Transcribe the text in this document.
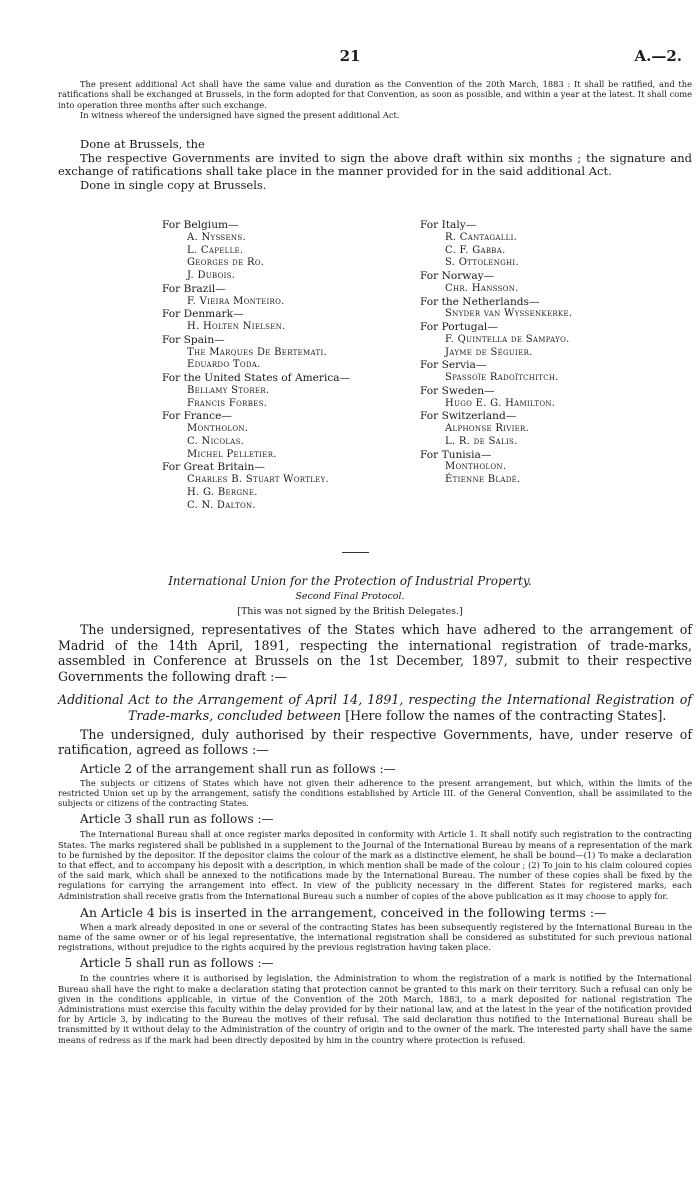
21	A.—2.

The present additional Act shall have the same value and duration as the Convention of the 20th March, 1883 : It shall be ratified, and the ratifications shall be exchanged at Brussels, in the form adopted for that Convention, as soon as possible, and within a year at the latest. It shall come into operation three months after such exchange.

In witness whereof the undersigned have signed the present additional Act.

Done at Brussels, the

The respective Governments are invited to sign the above draft within six months ; the signature and exchange of ratifications shall take place in the manner provided for in the said additional Act.

Done in single copy at Brussels.

For Belgium—
A. Nyssens.
L. Capelle.
Georges de Ro.
J. Dubois.
For Brazil—
F. Vieira Monteiro.
For Denmark—
H. Holten Nielsen.
For Spain—
The Marques De Bertemati.
Eduardo Toda.
For the United States of America—
Bellamy Storer.
Francis Forbes.
For France—
Montholon.
C. Nicolas.
Michel Pelletier.
For Great Britain—
Charles B. Stuart Wortley.
H. G. Bergne.
C. N. Dalton.
For Italy—
R. Cantagalli.
C. F. Gabba.
S. Ottolenghi.
For Norway—
Chr. Hansson.
For the Netherlands—
Snyder van Wyssenkerke.
For Portugal—
F. Quintella de Sampayo.
Jayme de Séguier.
For Servia—
Spassoïe Radoïtchitch.
For Sweden—
Hugo E. G. Hamilton.
For Switzerland—
Alphonse Rivier.
L. R. de Salis.
For Tunisia—
Montholon.
Étienne Bladé.
International Union for the Protection of Industrial Property.
Second Final Protocol.
[This was not signed by the British Delegates.]

The undersigned, representatives of the States which have adhered to the arrangement of Madrid of the 14th April, 1891, respecting the international registration of trade-marks, assembled in Conference at Brussels on the 1st December, 1897, submit to their respective Governments the following draft :—

Additional Act to the Arrangement of April 14, 1891, respecting the International Registration of Trade-marks, concluded between [Here follow the names of the contracting States].

The undersigned, duly authorised by their respective Governments, have, under reserve of ratification, agreed as follows :—

Article 2 of the arrangement shall run as follows :—

The subjects or citizens of States which have not given their adherence to the present arrangement, but which, within the limits of the restricted Union set up by the arrangement, satisfy the conditions established by Article III. of the General Convention, shall be assimilated to the subjects or citizens of the contracting States.

Article 3 shall run as follows :—

The International Bureau shall at once register marks deposited in conformity with Article 1. It shall notify such registration to the contracting States. The marks registered shall be published in a supplement to the Journal of the International Bureau by means of a representation of the mark to be furnished by the depositor. If the depositor claims the colour of the mark as a distinctive element, he shall be bound—(1) To make a declaration to that effect, and to accompany his deposit with a description, in which mention shall be made of the colour ; (2) To join to his claim coloured copies of the said mark, which shall be annexed to the notifications made by the International Bureau. The number of these copies shall be fixed by the regulations for carrying the arrangement into effect. In view of the publicity necessary in the different States for registered marks, each Administration shall receive gratis from the International Bureau such a number of copies of the above publication as it may choose to apply for.

An Article 4 bis is inserted in the arrangement, conceived in the following terms :—

When a mark already deposited in one or several of the contracting States has been subsequently registered by the International Bureau in the name of the same owner or of his legal representative, the international registration shall be considered as substituted for such previous national registrations, without prejudice to the rights acquired by the previous registration having taken place.

Article 5 shall run as follows :—

In the countries where it is authorised by legislation, the Administration to whom the registration of a mark is notified by the International Bureau shall have the right to make a declaration stating that protection cannot be granted to this mark on their territory. Such a refusal can only be given in the conditions applicable, in virtue of the Convention of the 20th March, 1883, to a mark deposited for national registration The Administrations must exercise this faculty within the delay provided for by their national law, and at the latest in the year of the notification provided for by Article 3, by indicating to the Bureau the motives of their refusal. The said declaration thus notified to the International Bureau shall be transmitted by it without delay to the Administration of the country of origin and to the owner of the mark. The interested party shall have the same means of redress as if the mark had been directly deposited by him in the country where protection is refused.
